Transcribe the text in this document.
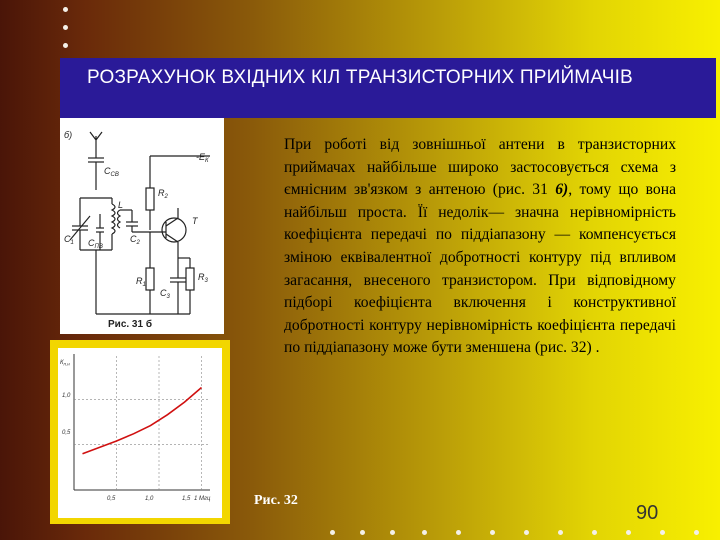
РОЗРАХУНОК ВХІДНИХ КІЛ ТРАНЗИСТОРНИХ ПРИЙМАЧІВ
б)
$C_{СВ}$
$-Е_К$
$R_2$
L
Т
$C_1$ $C_{ПВ}$
$C_2$
$R_1$
$C_3$
$R_3$
Рис. 31 б
$К_{п.н}$
1,0
0,5
0,5	1,0	1,5 1 Мгц	Рис. 32
При роботі від зовнішньої антени в транзисторних приймачах найбільше широко застосовується схема з ємнісним зв'язком з антеною (рис. 31 6), тому що вона найбільш проста. Її недолік— значна нерівномірність коефіцієнта передачі по піддіапазону — компенсується зміною еквівалентної добротності контуру під впливом загасання, внесеного транзистором. При відповідному підборі коефіцієнта включення і конструктивної добротності контуру нерівномірність коефіцієнта передачі по піддіапазону може бути зменшена (рис. 32) .
90
